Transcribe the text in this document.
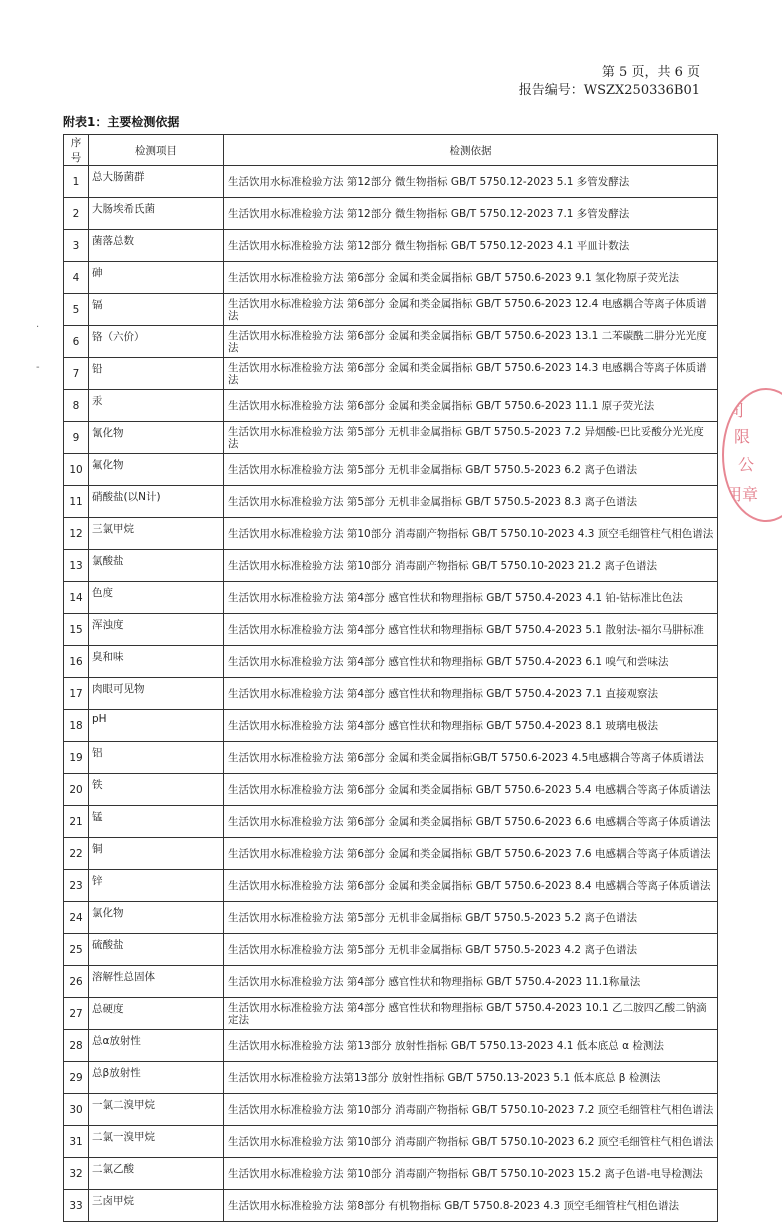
第 5 页，共 6 页
报告编号：WSZX250336B01
附表1：主要检测依据
序号	检测项目	检测依据
1	总大肠菌群	生活饮用水标准检验方法 第12部分 微生物指标 GB/T 5750.12-2023 5.1 多管发酵法
2	大肠埃希氏菌	生活饮用水标准检验方法 第12部分 微生物指标 GB/T 5750.12-2023 7.1 多管发酵法
3	菌落总数	生活饮用水标准检验方法 第12部分 微生物指标 GB/T 5750.12-2023 4.1 平皿计数法
4	砷	生活饮用水标准检验方法 第6部分 金属和类金属指标 GB/T 5750.6-2023 9.1 氢化物原子荧光法
5	镉	生活饮用水标准检验方法 第6部分 金属和类金属指标 GB/T 5750.6-2023 12.4 电感耦合等离子体质谱法
6	铬（六价）	生活饮用水标准检验方法 第6部分 金属和类金属指标 GB/T 5750.6-2023 13.1 二苯碳酰二肼分光光度法
7	铅	生活饮用水标准检验方法 第6部分 金属和类金属指标 GB/T 5750.6-2023 14.3 电感耦合等离子体质谱法
8	汞	生活饮用水标准检验方法 第6部分 金属和类金属指标 GB/T 5750.6-2023 11.1 原子荧光法
9	氰化物	生活饮用水标准检验方法 第5部分 无机非金属指标 GB/T 5750.5-2023 7.2 异烟酸-巴比妥酸分光光度法
10	氟化物	生活饮用水标准检验方法 第5部分 无机非金属指标 GB/T 5750.5-2023 6.2 离子色谱法
11	硝酸盐(以N计)	生活饮用水标准检验方法 第5部分 无机非金属指标 GB/T 5750.5-2023 8.3 离子色谱法
12	三氯甲烷	生活饮用水标准检验方法 第10部分 消毒副产物指标 GB/T 5750.10-2023 4.3 顶空毛细管柱气相色谱法
13	氯酸盐	生活饮用水标准检验方法 第10部分 消毒副产物指标 GB/T 5750.10-2023 21.2 离子色谱法
14	色度	生活饮用水标准检验方法 第4部分 感官性状和物理指标 GB/T 5750.4-2023 4.1 铂-钴标准比色法
15	浑浊度	生活饮用水标准检验方法 第4部分 感官性状和物理指标 GB/T 5750.4-2023 5.1 散射法-福尔马肼标准
16	臭和味	生活饮用水标准检验方法 第4部分 感官性状和物理指标 GB/T 5750.4-2023 6.1 嗅气和尝味法
17	肉眼可见物	生活饮用水标准检验方法 第4部分 感官性状和物理指标 GB/T 5750.4-2023 7.1 直接观察法
18	pH	生活饮用水标准检验方法 第4部分 感官性状和物理指标 GB/T 5750.4-2023 8.1 玻璃电极法
19	铝	生活饮用水标准检验方法 第6部分 金属和类金属指标GB/T 5750.6-2023 4.5电感耦合等离子体质谱法
20	铁	生活饮用水标准检验方法 第6部分 金属和类金属指标 GB/T 5750.6-2023 5.4 电感耦合等离子体质谱法
21	锰	生活饮用水标准检验方法 第6部分 金属和类金属指标 GB/T 5750.6-2023 6.6 电感耦合等离子体质谱法
22	铜	生活饮用水标准检验方法 第6部分 金属和类金属指标 GB/T 5750.6-2023 7.6 电感耦合等离子体质谱法
23	锌	生活饮用水标准检验方法 第6部分 金属和类金属指标 GB/T 5750.6-2023 8.4 电感耦合等离子体质谱法
24	氯化物	生活饮用水标准检验方法 第5部分 无机非金属指标 GB/T 5750.5-2023 5.2 离子色谱法
25	硫酸盐	生活饮用水标准检验方法 第5部分 无机非金属指标 GB/T 5750.5-2023 4.2 离子色谱法
26	溶解性总固体	生活饮用水标准检验方法 第4部分 感官性状和物理指标 GB/T 5750.4-2023 11.1称量法
27	总硬度	生活饮用水标准检验方法 第4部分 感官性状和物理指标 GB/T 5750.4-2023 10.1 乙二胺四乙酸二钠滴定法
28	总α放射性	生活饮用水标准检验方法 第13部分 放射性指标 GB/T 5750.13-2023 4.1 低本底总 α 检测法
29	总β放射性	生活饮用水标准检验方法第13部分 放射性指标 GB/T 5750.13-2023 5.1 低本底总 β 检测法
30	一氯二溴甲烷	生活饮用水标准检验方法 第10部分 消毒副产物指标 GB/T 5750.10-2023 7.2 顶空毛细管柱气相色谱法
31	二氯一溴甲烷	生活饮用水标准检验方法 第10部分 消毒副产物指标 GB/T 5750.10-2023 6.2 顶空毛细管柱气相色谱法
32	二氯乙酸	生活饮用水标准检验方法 第10部分 消毒副产物指标 GB/T 5750.10-2023 15.2 离子色谱-电导检测法
33	三卤甲烷	生活饮用水标准检验方法 第8部分 有机物指标 GB/T 5750.8-2023 4.3 顶空毛细管柱气相色谱法
司
限
公
用章
·
-
